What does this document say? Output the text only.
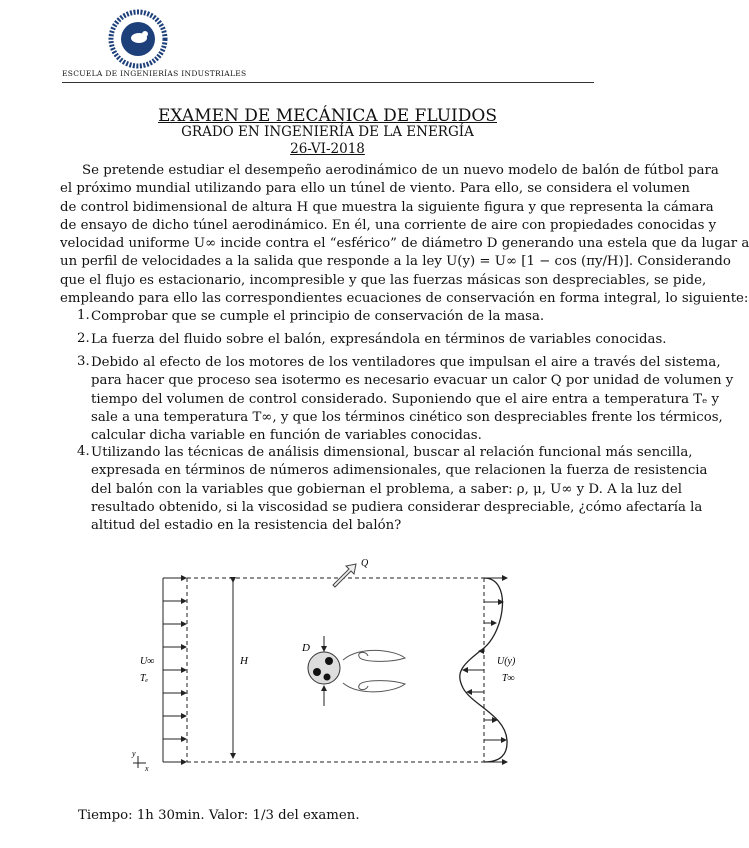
ESCUELA DE INGENIERÍAS INDUSTRIALES
EXAMEN DE MECÁNICA DE FLUIDOS
GRADO EN INGENIERÍA DE LA ENERGÍA
26-VI-2018
Se pretende estudiar el desempeño aerodinámico de un nuevo modelo de balón de fútbol para
el próximo mundial utilizando para ello un túnel de viento. Para ello, se considera el volumen
de control bidimensional de altura H que muestra la siguiente figura y que representa la cámara
de ensayo de dicho túnel aerodinámico. En él, una corriente de aire con propiedades conocidas y
velocidad uniforme U∞ incide contra el “esférico” de diámetro D generando una estela que da lugar a
un perfil de velocidades a la salida que responde a la ley U(y) = U∞ [1 − cos (πy/H)]. Considerando
que el flujo es estacionario, incompresible y que las fuerzas másicas son despreciables, se pide,
empleando para ello las correspondientes ecuaciones de conservación en forma integral, lo siguiente:
1. Comprobar que se cumple el principio de conservación de la masa.
2. La fuerza del fluido sobre el balón, expresándola en términos de variables conocidas.
3. Debido al efecto de los motores de los ventiladores que impulsan el aire a través del sistema,
para hacer que proceso sea isotermo es necesario evacuar un calor Q por unidad de volumen y
tiempo del volumen de control considerado. Suponiendo que el aire entra a temperatura Tₑ y
sale a una temperatura T∞, y que los términos cinético son despreciables frente los térmicos,
calcular dicha variable en función de variables conocidas.
4. Utilizando las técnicas de análisis dimensional, buscar al relación funcional más sencilla,
expresada en términos de números adimensionales, que relacionen la fuerza de resistencia
del balón con la variables que gobiernan el problema, a saber: ρ, μ, U∞ y D. A la luz del
resultado obtenido, si la viscosidad se pudiera considerar despreciable, ¿cómo afectaría la
altitud del estadio en la resistencia del balón?
Q
H
D
U∞
Tₑ
U(y)
T∞
y
x
Tiempo: 1h 30min. Valor: 1/3 del examen.
